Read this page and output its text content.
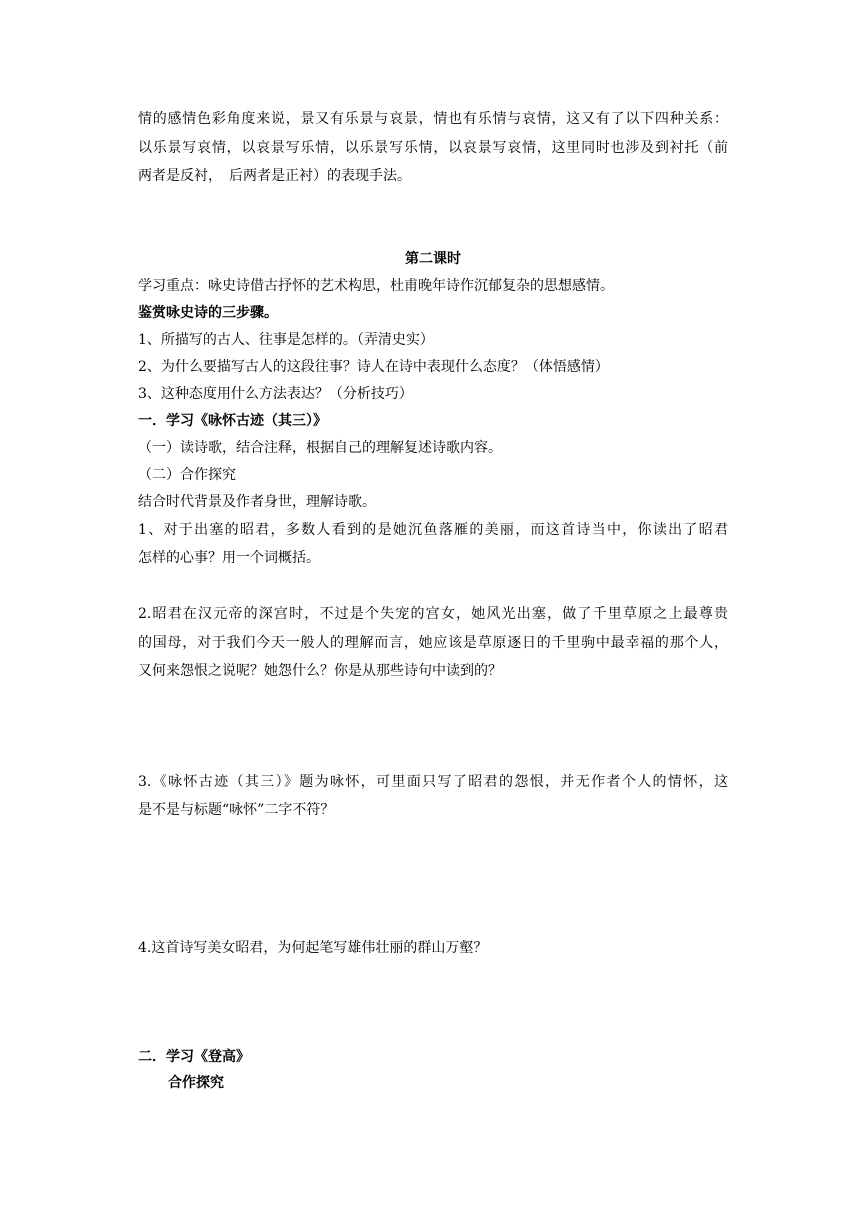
情的感情色彩角度来说，景又有乐景与哀景，情也有乐情与哀情，这又有了以下四种关系：
以乐景写哀情，以哀景写乐情，以乐景写乐情，以哀景写哀情，这里同时也涉及到衬托（前
两者是反衬，　后两者是正衬）的表现手法。
第二课时
学习重点：咏史诗借古抒怀的艺术构思，杜甫晚年诗作沉郁复杂的思想感情。
鉴赏咏史诗的三步骤。
1、所描写的古人、往事是怎样的。（弄清史实）
2、为什么要描写古人的这段往事？诗人在诗中表现什么态度？（体悟感情）
3、这种态度用什么方法表达？（分析技巧）
一．学习《咏怀古迹（其三）》
（一）读诗歌，结合注释，根据自己的理解复述诗歌内容。
（二）合作探究
结合时代背景及作者身世，理解诗歌。
1、对于出塞的昭君，多数人看到的是她沉鱼落雁的美丽，而这首诗当中，你读出了昭君
怎样的心事？用一个词概括。
2.昭君在汉元帝的深宫时，不过是个失宠的宫女，她风光出塞，做了千里草原之上最尊贵
的国母，对于我们今天一般人的理解而言，她应该是草原逐日的千里驹中最幸福的那个人，
又何来怨恨之说呢？她怨什么？你是从那些诗句中读到的？
3.《咏怀古迹（其三）》题为咏怀，可里面只写了昭君的怨恨，并无作者个人的情怀，这
是不是与标题“咏怀”二字不符？
4.这首诗写美女昭君，为何起笔写雄伟壮丽的群山万壑？
二．学习《登高》
合作探究
